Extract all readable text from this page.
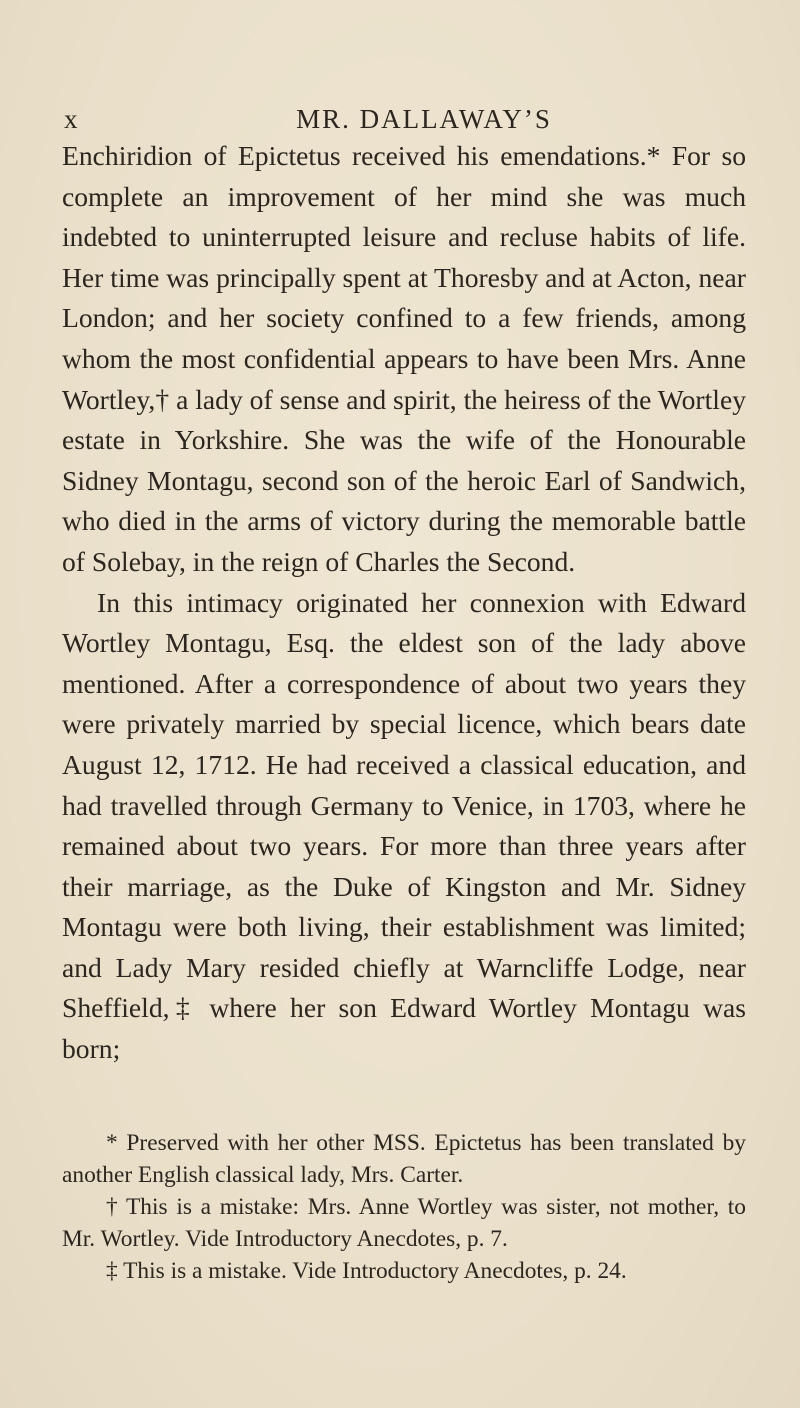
x	MR. DALLAWAY’S

Enchiridion of Epictetus received his emendations.* For so complete an improvement of her mind she was much indebted to uninterrupted leisure and recluse habits of life. Her time was principally spent at Thoresby and at Acton, near London; and her society confined to a few friends, among whom the most confidential appears to have been Mrs. Anne Wortley,† a lady of sense and spirit, the heiress of the Wortley estate in Yorkshire. She was the wife of the Honourable Sidney Montagu, second son of the heroic Earl of Sandwich, who died in the arms of victory during the memorable battle of Solebay, in the reign of Charles the Second.

In this intimacy originated her connexion with Edward Wortley Montagu, Esq. the eldest son of the lady above mentioned. After a correspondence of about two years they were privately married by special licence, which bears date August 12, 1712. He had received a classical education, and had travelled through Germany to Venice, in 1703, where he remained about two years. For more than three years after their marriage, as the Duke of Kingston and Mr. Sidney Montagu were both living, their establishment was limited; and Lady Mary resided chiefly at Warncliffe Lodge, near Sheffield,‡ where her son Edward Wortley Montagu was born;

* Preserved with her other MSS. Epictetus has been translated by another English classical lady, Mrs. Carter.

† This is a mistake: Mrs. Anne Wortley was sister, not mother, to Mr. Wortley. Vide Introductory Anecdotes, p. 7.

‡ This is a mistake. Vide Introductory Anecdotes, p. 24.
